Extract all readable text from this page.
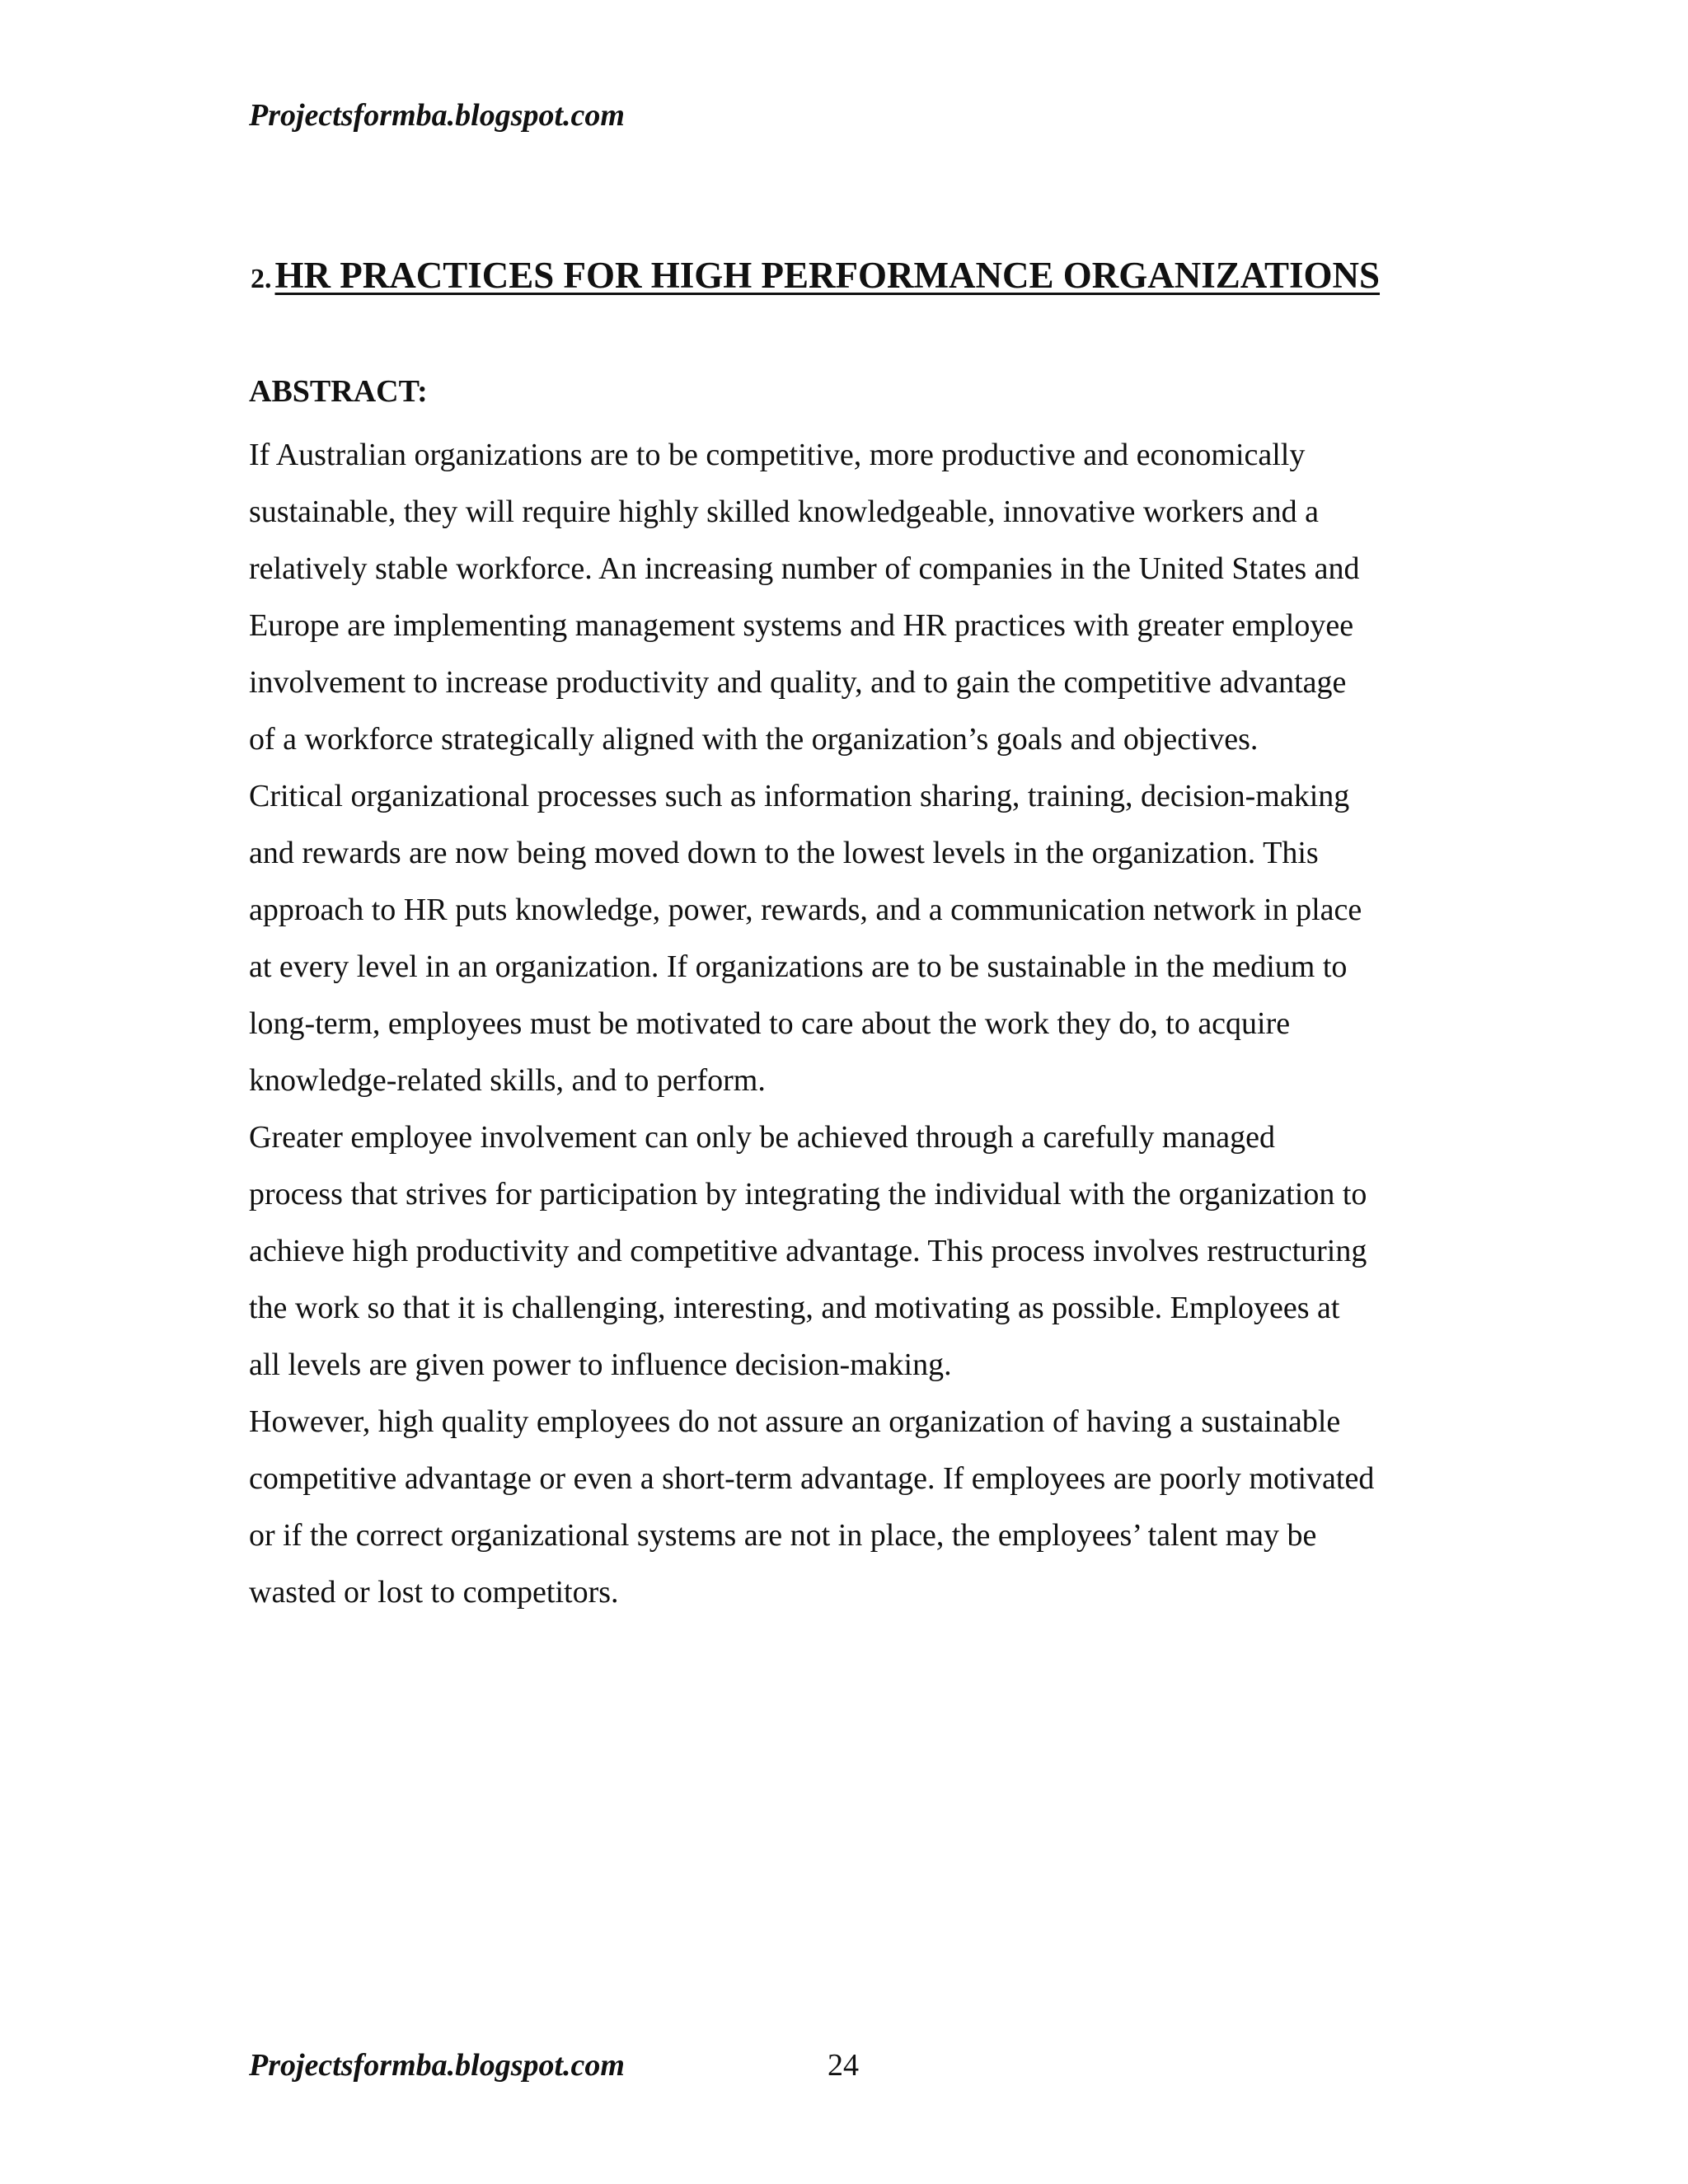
Projectsformba.blogspot.com
2. HR PRACTICES FOR HIGH PERFORMANCE ORGANIZATIONS
ABSTRACT:
If Australian organizations are to be competitive, more productive and economically
sustainable, they will require highly skilled knowledgeable, innovative workers and a
relatively stable workforce. An increasing number of companies in the United States and
Europe are implementing management systems and HR practices with greater employee
involvement to increase productivity and quality, and to gain the competitive advantage
of a workforce strategically aligned with the organization’s goals and objectives.
Critical organizational processes such as information sharing, training, decision-making
and rewards are now being moved down to the lowest levels in the organization. This
approach to HR puts knowledge, power, rewards, and a communication network in place
at every level in an organization. If organizations are to be sustainable in the medium to
long-term, employees must be motivated to care about the work they do, to acquire
knowledge-related skills, and to perform.
Greater employee involvement can only be achieved through a carefully managed
process that strives for participation by integrating the individual with the organization to
achieve high productivity and competitive advantage. This process involves restructuring
the work so that it is challenging, interesting, and motivating as possible. Employees at
all levels are given power to influence decision-making.
However, high quality employees do not assure an organization of having a sustainable
competitive advantage or even a short-term advantage. If employees are poorly motivated
or if the correct organizational systems are not in place, the employees’ talent may be
wasted or lost to competitors.
Projectsformba.blogspot.com	24
